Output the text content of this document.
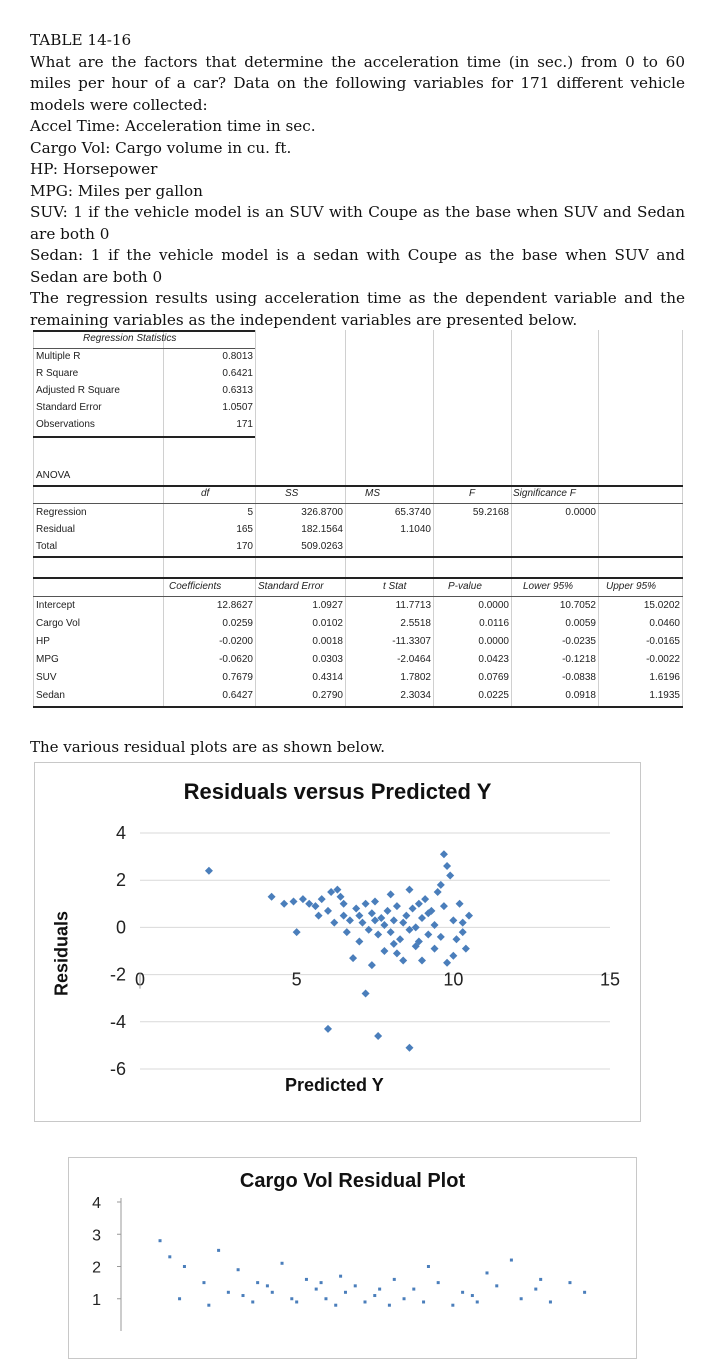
TABLE 14-16

What are the factors that determine the acceleration time (in sec.) from 0 to 60 miles per hour of a car? Data on the following variables for 171 different vehicle models were collected:

Accel Time: Acceleration time in sec.

Cargo Vol: Cargo volume in cu. ft.

HP: Horsepower

MPG: Miles per gallon

SUV: 1 if the vehicle model is an SUV with Coupe as the base when SUV and Sedan are both 0

Sedan: 1 if the vehicle model is a sedan with Coupe as the base when SUV and Sedan are both 0

The regression results using acceleration time as the dependent variable and the remaining variables as the independent variables are presented below.

Regression Statistics
Multiple R	0.8013
R Square	0.6421
Adjusted R Square	0.6313
Standard Error	1.0507
Observations	171
ANOVA
df	SS	MS	F	Significance F
Regression	5	326.8700	65.3740	59.2168	0.0000
Residual	165	182.1564	1.1040
Total	170	509.0263
Coefficients	Standard Error	t Stat	P-value	Lower 95%	Upper 95%
Intercept	12.8627	1.0927	11.7713	0.0000	10.7052	15.0202
Cargo Vol	0.0259	0.0102	2.5518	0.0116	0.0059	0.0460
HP	-0.0200	0.0018	-11.3307	0.0000	-0.0235	-0.0165
MPG	-0.0620	0.0303	-2.0464	0.0423	-0.1218	-0.0022
SUV	0.7679	0.4314	1.7802	0.0769	-0.0838	1.6196
Sedan	0.6427	0.2790	2.3034	0.0225	0.0918	1.1935
The various residual plots are as shown below.
4
2
0
-2
-4
-6
0	5	10	15
Residuals versus Predicted Y
Predicted Y
Residuals
4
3
2
1
Cargo Vol Residual Plot
